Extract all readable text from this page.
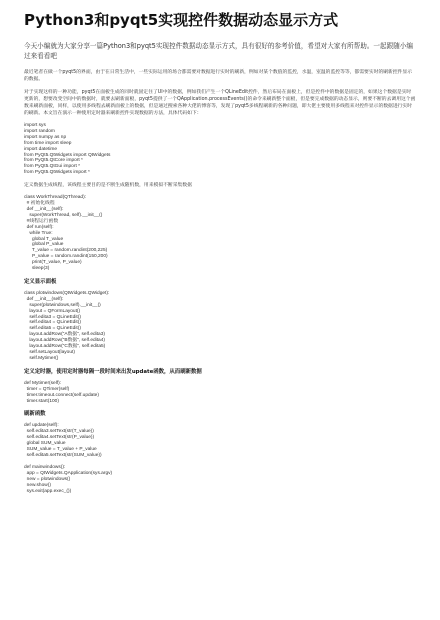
Python3和pyqt5实现控件数据动态显示方式

今天小编就为大家分享一篇Python3和pyqt5实现控件数据动态显示方式，具有很好的参考价值，希望对大家有所帮助。一起跟随小编过来看看吧

最近笔者在做一个pyqt5的界面，由于在日常生活中，一些实际运用的场合都需要对数据进行实时的刷新，例如对某个数值的监控，水温，室温的监控等等，都需要实时的刷新控件显示的数据。

对于实现这样的一种功能，pyqt5在面板生成的同时就固定住了UI中的数据，例如我们产生一个QLineEdit控件，然后布局在面板上，但是控件中的数据是固定的，如果这个数据是实时更新的，想要改变空间中的数据时，就要去刷新面板，pyqt5提供了一个QApplication.processEvents()的命令来刷新整个面板，但是要完成数据的动态显示，则要不断的去调用这个函数来刷新面板，同样，以使用多线程去刷新面板上的数据，但是通过搜索各种大佬的博客等，发现了pyqt5多线程刷新的各种问题，即大佬主要使用多线程来对控件显示的数据进行实时的刷新。本文旨在演示一种使用定时器来刷新控件实现数据的方法，具体代码如下：

import sys
import random
import numpy as np
from time import sleep
import datetime
from PyQt5.QtWidgets import QtWidgets
from PyQt5.QtCore import *
from PyQt5.QtGui import *
from PyQt5.QtWidgets import *

定义数据生成线程，该线程主要目的是不断生成随机数，用来模拟不断采集数据

class WorkThread(QThread):
# 初始化线程
def __init__(self):
super(WorkThread, self).__init__()
#线程运行函数
def run(self):
while True:
global T_value
global P_value
T_value = random.randint(200,225)
P_value = random.randint(150,200)
print(T_value, P_value)
sleep(3)

定义显示面板

class plotwindows(QtWidgets.QWidget):
def __init__(self):
super(plotwindows,self).__init__()
layout = QFormLayout()
self.edita3 = QLineEdit()
self.edita4 = QLineEdit()
self.edita5 = QLineEdit()
layout.addRow("A数据", self.edita3)
layout.addRow("B数据", self.edita4)
layout.addRow("C数据", self.edita5)
self.setLayout(layout)
self.Mytimer()

定义定时器，使用定时器每隔一段时间来出发update函数，从而刷新数据

def Mytimer(self):
timer = QTimer(self)
timer.timeout.connect(self.update)
timer.start(100)

刷新函数

def update(self):
self.edita3.setText(str(T_value))
self.edita4.setText(str(P_value))
global SUM_value
SUM_value = T_value + P_value
self.edita5.setText(str(SUM_value))
def mainwindows():
app = QtWidgets.QApplication(sys.argv)
new = plotwindows()
new.show()
sys.exit(app.exec_())
